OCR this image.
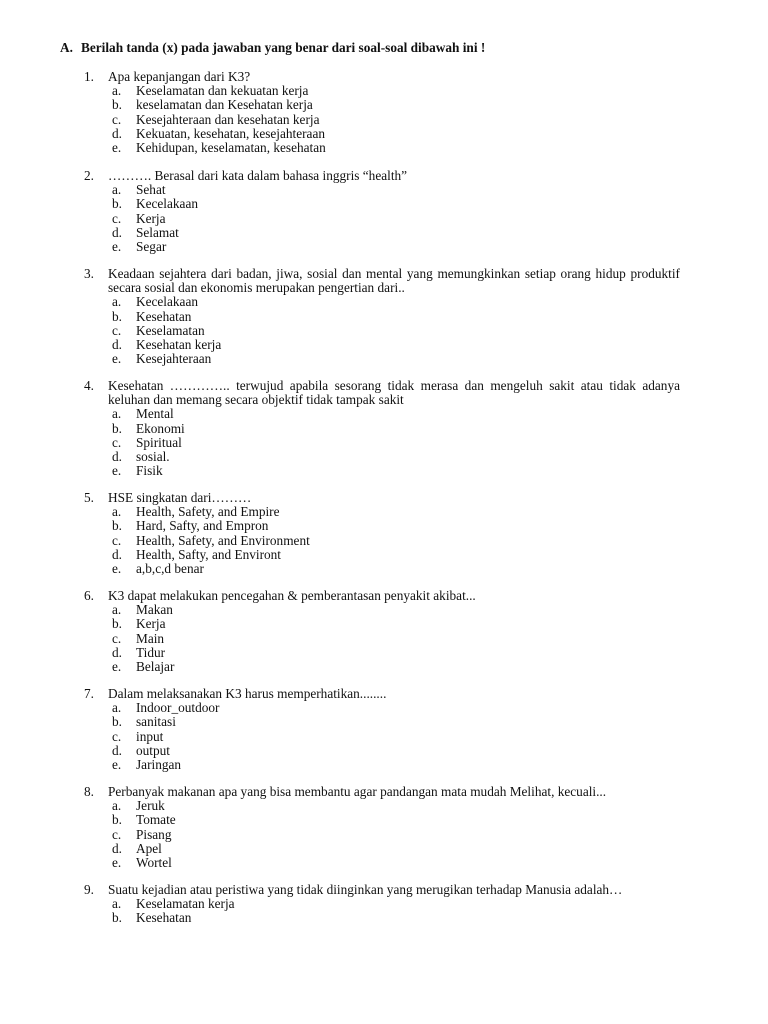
A. Berilah tanda (x) pada jawaban yang benar dari soal-soal dibawah ini !
1.	Apa kepanjangan dari K3?
a.	Keselamatan dan kekuatan kerja
b.	keselamatan dan Kesehatan kerja
c.	Kesejahteraan dan kesehatan kerja
d.	Kekuatan, kesehatan, kesejahteraan
e.	Kehidupan, keselamatan, kesehatan
2.	………. Berasal dari kata dalam bahasa inggris “health”
a.	Sehat
b.	Kecelakaan
c.	Kerja
d.	Selamat
e.	Segar
3.	Keadaan sejahtera dari badan, jiwa, sosial dan mental yang memungkinkan setiap orang hidup produktif secara sosial dan ekonomis merupakan pengertian dari..
a.	Kecelakaan
b.	Kesehatan
c.	Keselamatan
d.	Kesehatan kerja
e.	Kesejahteraan
4.	Kesehatan ………….. terwujud apabila sesorang tidak merasa dan mengeluh sakit atau tidak adanya keluhan dan memang secara objektif tidak tampak sakit
a.	Mental
b.	Ekonomi
c.	Spiritual
d.	sosial.
e.	Fisik
5.	HSE singkatan dari………
a.	Health, Safety, and Empire
b.	Hard, Safty, and Empron
c.	Health, Safety, and Environment
d.	Health, Safty, and Environt
e.	a,b,c,d benar
6.	K3 dapat melakukan pencegahan & pemberantasan penyakit akibat...
a.	Makan
b.	Kerja
c.	Main
d.	Tidur
e.	Belajar
7.	Dalam melaksanakan K3 harus memperhatikan........
a.	Indoor_outdoor
b.	sanitasi
c.	input
d.	output
e.	Jaringan
8.	Perbanyak makanan apa yang bisa membantu agar pandangan mata mudah Melihat, kecuali...
a.	Jeruk
b.	Tomate
c.	Pisang
d.	Apel
e.	Wortel
9.	Suatu kejadian atau peristiwa yang tidak diinginkan yang merugikan terhadap Manusia adalah…
a.	Keselamatan kerja
b.	Kesehatan
